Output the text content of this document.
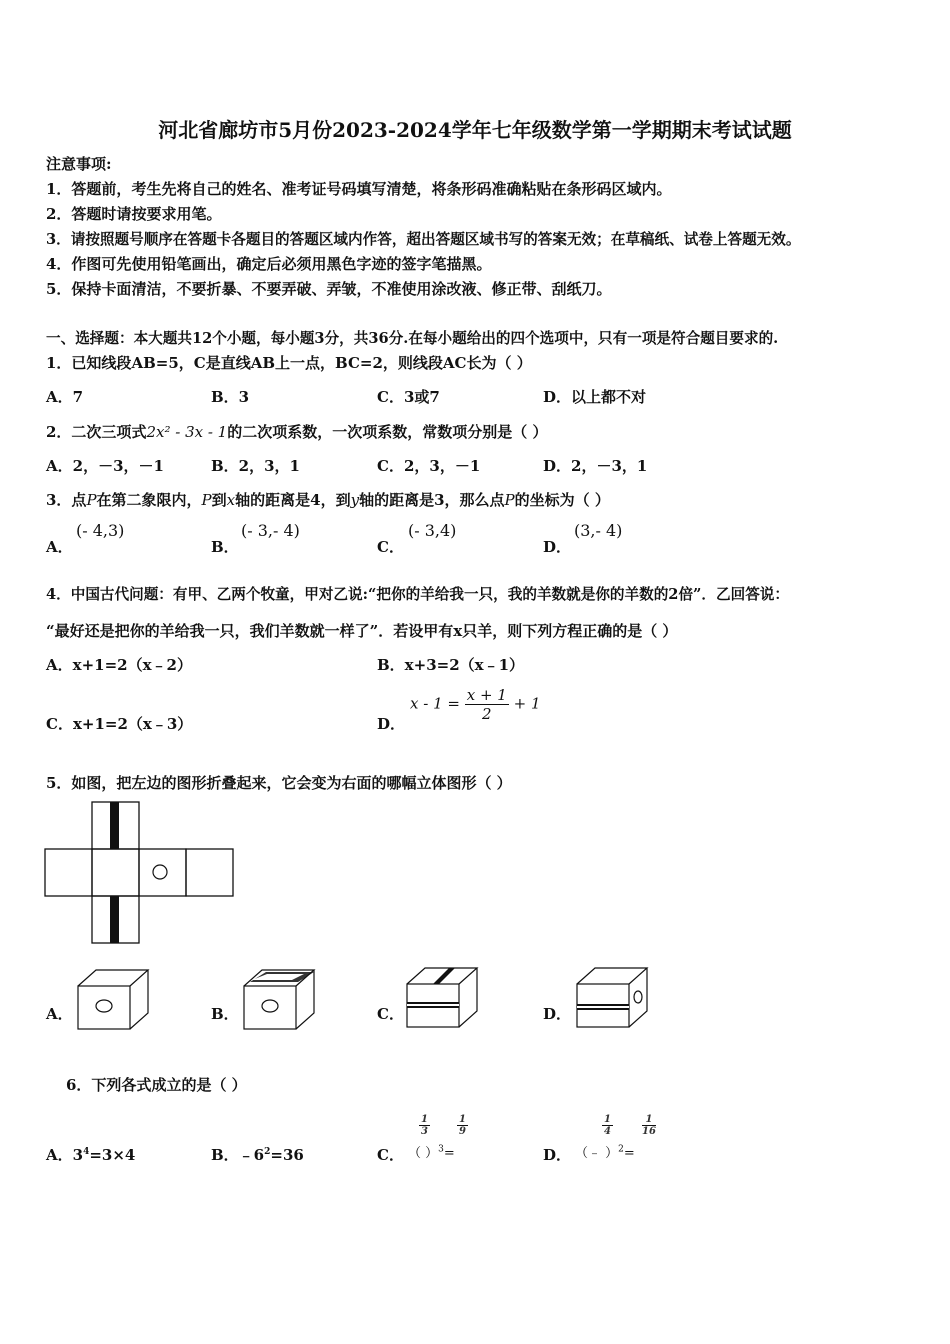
河北省廊坊市5月份2023-2024学年七年级数学第一学期期末考试试题
注意事项:
1．答题前，考生先将自己的姓名、准考证号码填写清楚，将条形码准确粘贴在条形码区域内。
2．答题时请按要求用笔。
3．请按照题号顺序在答题卡各题目的答题区域内作答，超出答题区域书写的答案无效；在草稿纸、试卷上答题无效。
4．作图可先使用铅笔画出，确定后必须用黑色字迹的签字笔描黑。
5．保持卡面清洁，不要折暴、不要弄破、弄皱，不准使用涂改液、修正带、刮纸刀。
一、选择题：本大题共12个小题，每小题3分，共36分.在每小题给出的四个选项中，只有一项是符合题目要求的.
1．已知线段AB=5，C是直线AB上一点，BC=2，则线段AC长为（ ）
A．7	B．3	C．3或7	D．以上都不对
2．二次三项式2x² - 3x - 1的二次项系数，一次项系数，常数项分别是（ ）
A．2，－3，－1	B．2，3，1	C．2，3，－1	D．2，－3，1
3．点P在第二象限内，P到x轴的距离是4，到y轴的距离是3，那么点P的坐标为（ ）
A．
(- 4,3)
B．
(- 3,- 4)
C．
(- 3,4)
D．
(3,- 4)
4．中国古代问题：有甲、乙两个牧童，甲对乙说:“把你的羊给我一只，我的羊数就是你的羊数的2倍”．乙回答说：
“最好还是把你的羊给我一只，我们羊数就一样了”．若设甲有x只羊，则下列方程正确的是（ ）
A．x+1=2（x﹣2）	B．x+3=2（x﹣1）
C．x+1=2（x﹣3）	D．
$x - 1 = \frac{x + 1}{2} + 1$
5．如图，把左边的图形折叠起来，它会变为右面的哪幅立体图形（ ）
A．	B．	C．	D．
6．下列各式成立的是（ ）
A．$3^4=3\times 4$	B．$﹣6^2=36$	C． （ ）$^3$=
$\frac{1}{3}$	$\frac{1}{9}$
D． （﹣ ）$^2$=
$\frac{1}{4}$	$\frac{1}{16}$
